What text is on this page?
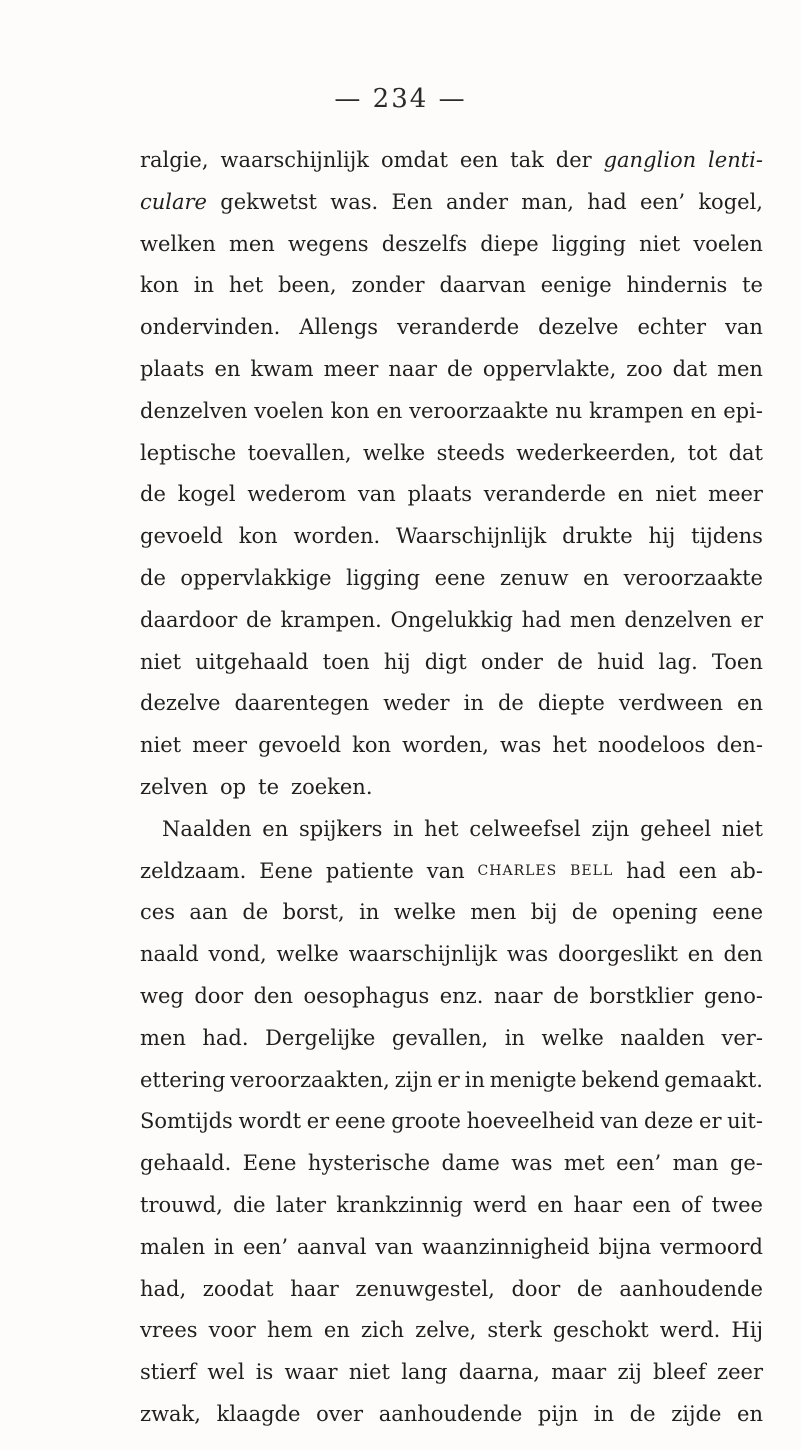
— 234 —
ralgie, waarschijnlijk omdat een tak der ganglion lenti-
culare gekwetst was. Een ander man, had een’ kogel,
welken men wegens deszelfs diepe ligging niet voelen
kon in het been, zonder daarvan eenige hindernis te
ondervinden. Allengs veranderde dezelve echter van
plaats en kwam meer naar de oppervlakte, zoo dat men
denzelven voelen kon en veroorzaakte nu krampen en epi-
leptische toevallen, welke steeds wederkeerden, tot dat
de kogel wederom van plaats veranderde en niet meer
gevoeld kon worden. Waarschijnlijk drukte hij tijdens
de oppervlakkige ligging eene zenuw en veroorzaakte
daardoor de krampen. Ongelukkig had men denzelven er
niet uitgehaald toen hij digt onder de huid lag. Toen
dezelve daarentegen weder in de diepte verdween en
niet meer gevoeld kon worden, was het noodeloos den-
zelven op te zoeken.
Naalden en spijkers in het celweefsel zijn geheel niet
zeldzaam. Eene patiente van CHARLES BELL had een ab-
ces aan de borst, in welke men bij de opening eene
naald vond, welke waarschijnlijk was doorgeslikt en den
weg door den oesophagus enz. naar de borstklier geno-
men had. Dergelijke gevallen, in welke naalden ver-
ettering veroorzaakten, zijn er in menigte bekend gemaakt.
Somtijds wordt er eene groote hoeveelheid van deze er uit-
gehaald. Eene hysterische dame was met een’ man ge-
trouwd, die later krankzinnig werd en haar een of twee
malen in een’ aanval van waanzinnigheid bijna vermoord
had, zoodat haar zenuwgestel, door de aanhoudende
vrees voor hem en zich zelve, sterk geschokt werd. Hij
stierf wel is waar niet lang daarna, maar zij bleef zeer
zwak, klaagde over aanhoudende pijn in de zijde en
